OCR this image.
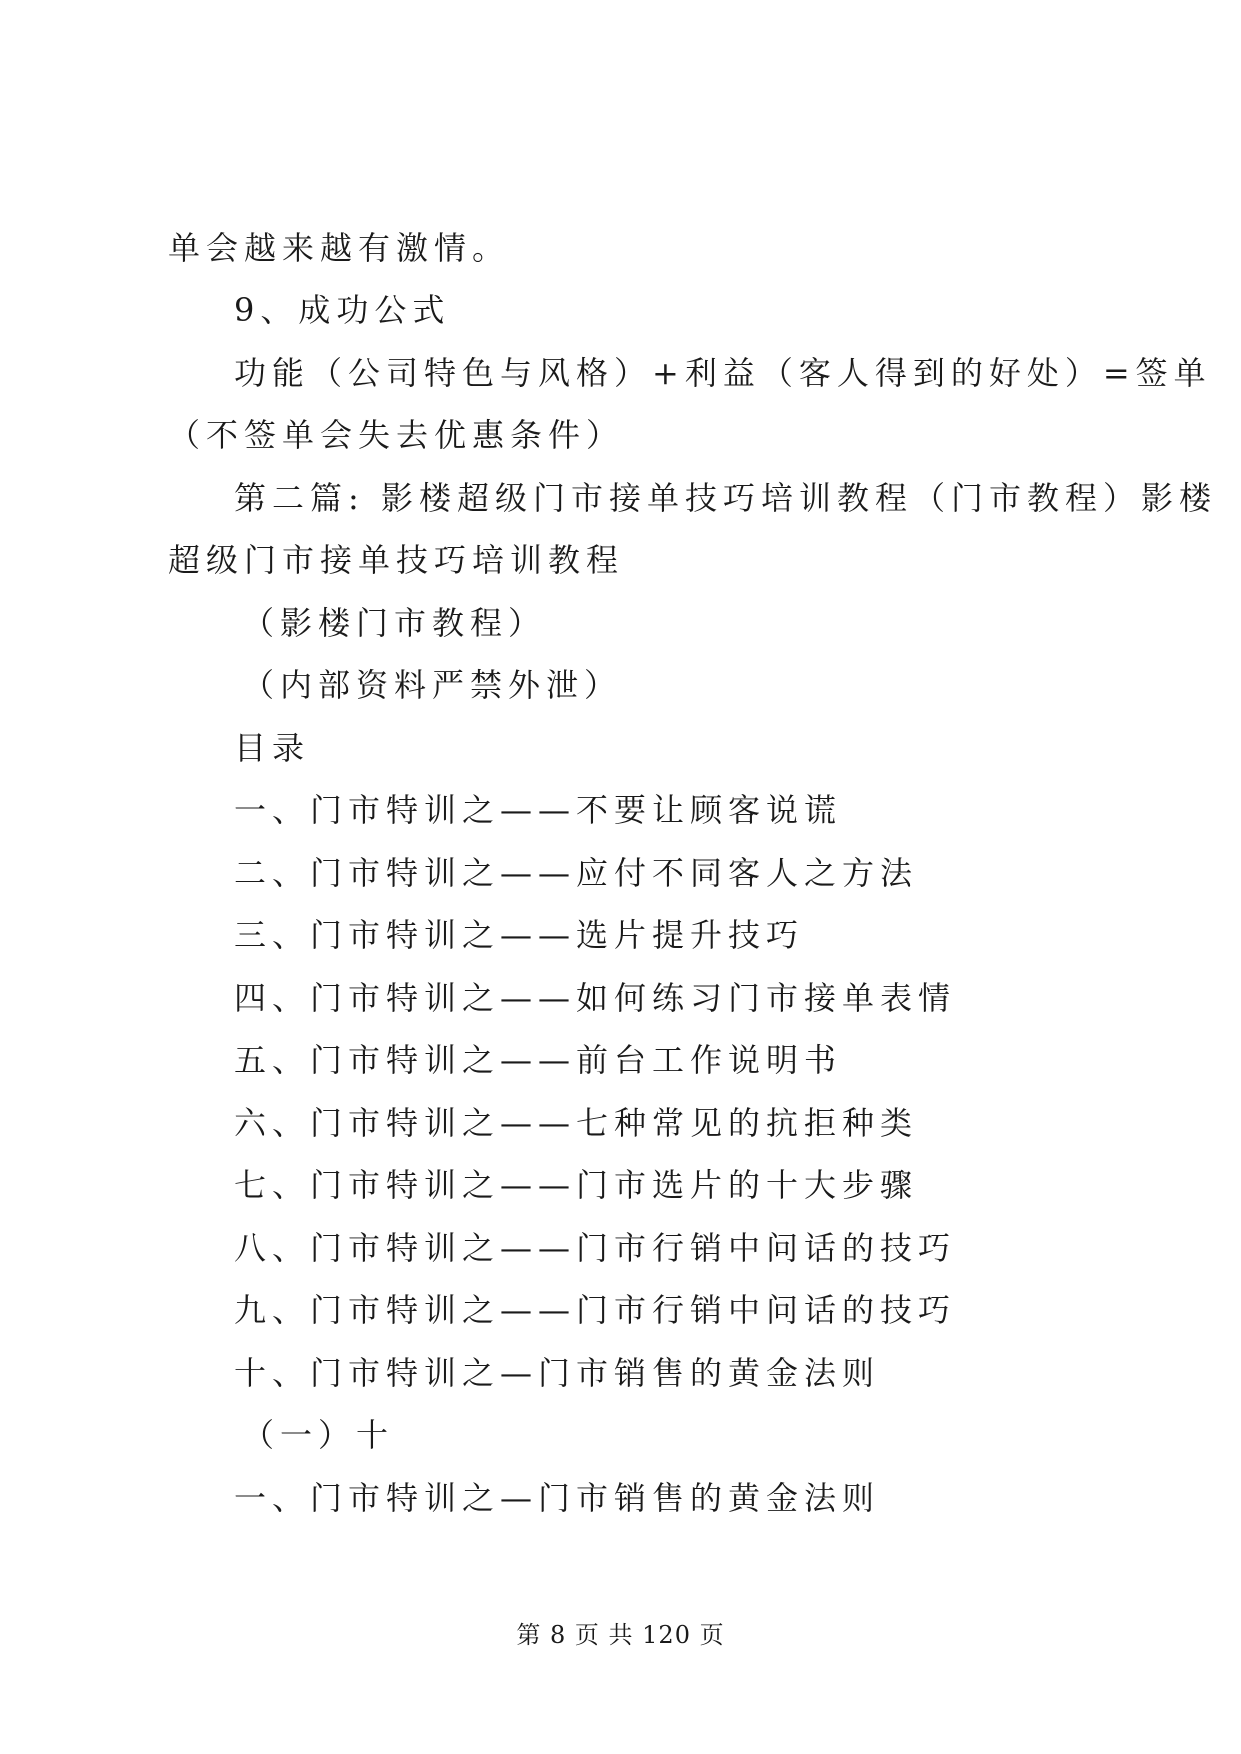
单会越来越有激情。
9、成功公式
功能（公司特色与风格）+利益（客人得到的好处）=签单
（不签单会失去优惠条件）
第二篇: 影楼超级门市接单技巧培训教程（门市教程）影楼
超级门市接单技巧培训教程
（影楼门市教程）
（内部资料严禁外泄）
目录
一、门市特训之——不要让顾客说谎
二、门市特训之——应付不同客人之方法
三、门市特训之——选片提升技巧
四、门市特训之——如何练习门市接单表情
五、门市特训之——前台工作说明书
六、门市特训之——七种常见的抗拒种类
七、门市特训之——门市选片的十大步骤
八、门市特训之——门市行销中问话的技巧
九、门市特训之——门市行销中问话的技巧
十、门市特训之—门市销售的黄金法则
（一）十
一、门市特训之—门市销售的黄金法则
第 8 页 共 120 页
